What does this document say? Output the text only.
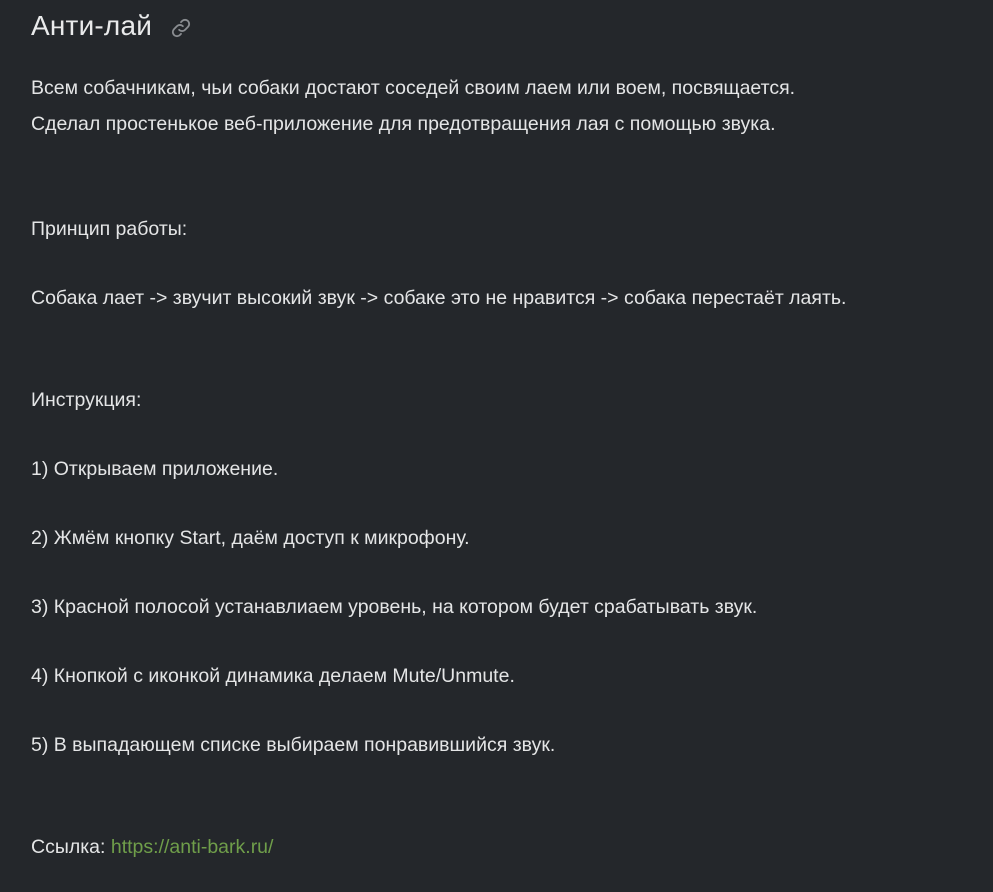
Анти-лай
Всем собачникам, чьи собаки достают соседей своим лаем или воем, посвящается.
Сделал простенькое веб-приложение для предотвращения лая с помощью звука.
Принцип работы:
Собака лает -> звучит высокий звук -> собаке это не нравится -> собака перестаёт лаять.
Инструкция:
1) Открываем приложение.
2) Жмём кнопку Start, даём доступ к микрофону.
3) Красной полосой устанавлиаем уровень, на котором будет срабатывать звук.
4) Кнопкой с иконкой динамика делаем Mute/Unmute.
5) В выпадающем списке выбираем понравившийся звук.
Ссылка: https://anti-bark.ru/
